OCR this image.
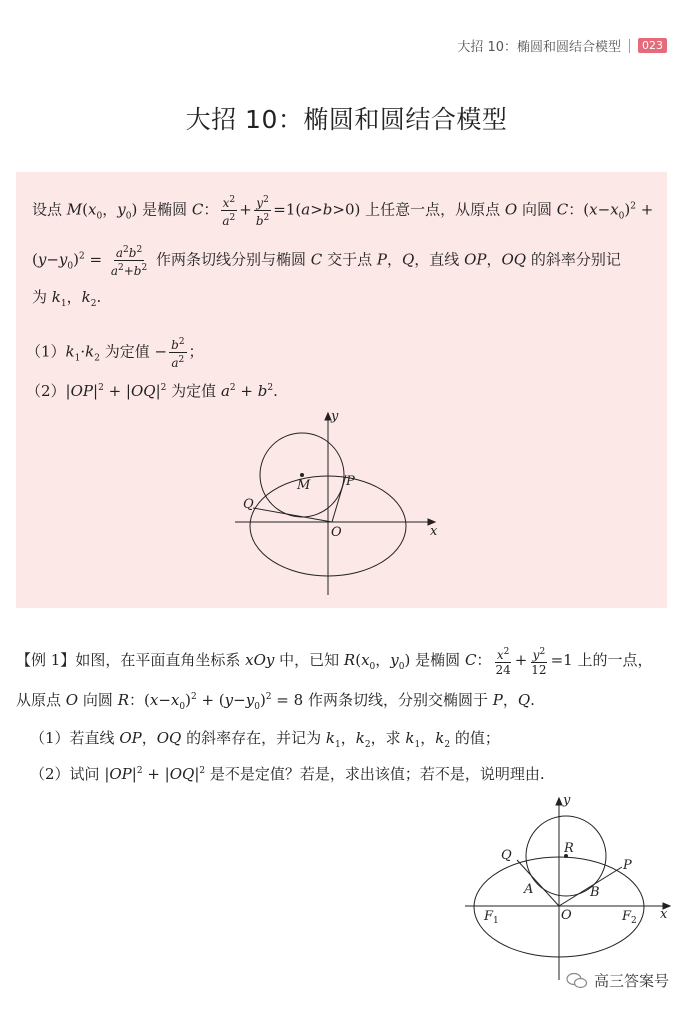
大招 10：椭圆和圆结合模型	023
大招 10：椭圆和圆结合模型
设点 $M(x_0$，$y_0$) 是椭圆 C： $\frac{x^2}{a^2} + \frac{y^2}{b^2} =1(a>b>0)$ 上任意一点，从原点 O 向圆 C：$(x-x_0)^2$ +
$(y-y_0)^2 = \frac{a^2b^2}{a^2+b^2}$ 作两条切线分别与椭圆 C 交于点 P，Q，直线 OP，OQ 的斜率分别记
为 $k_1$，$k_2$.
$(1)k_1\cdot k_2$ 为定值 − $\frac{b^2}{a^2}$ ；
$(2)|OP|^2 + |OQ|^2$ 为定值 $a^2 + b^2$.
y
x
O
M	P
Q
【例 1】如图，在平面直角坐标系 xOy 中，已知 $R(x_0$，$y_0$) 是椭圆 C： $\frac{x^2}{24} + \frac{y^2}{12} =1$ 上的一点，
从原点 O 向圆 R：$(x-x_0)^2 + (y-y_0)^2 = 8$ 作两条切线，分别交椭圆于 P，Q.
（1）若直线 OP，OQ 的斜率存在，并记为 $k_1$，$k_2$，求 $k_1$，$k_2$ 的值；
（2）试问 $|OP|^2 + |OQ|^2$ 是不是定值？若是，求出该值；若不是，说明理由.
y
x
O
R
P
Q
A	B
$F_1$	$F_2$
高三答案号
